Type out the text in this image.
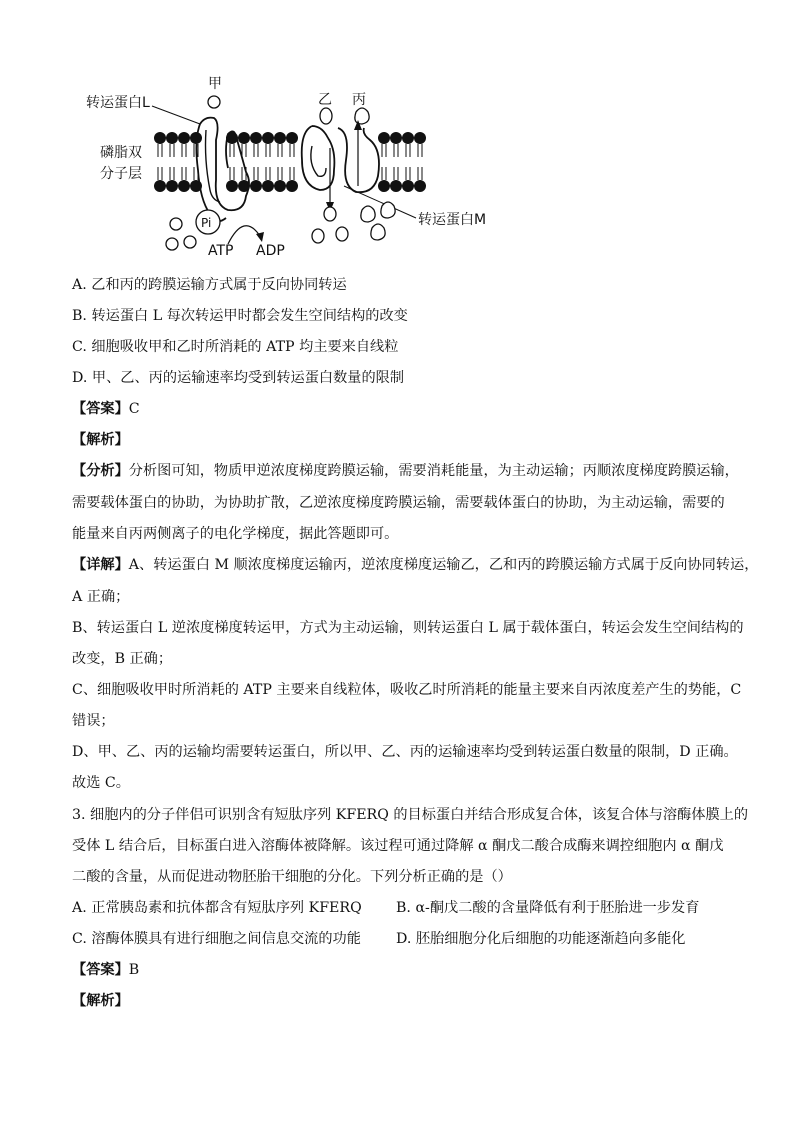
转运蛋白L
甲
乙 丙
磷脂双
分子层
ATP ADP
转运蛋白M
Pi
A. 乙和丙的跨膜运输方式属于反向协同转运
B. 转运蛋白 L 每次转运甲时都会发生空间结构的改变
C. 细胞吸收甲和乙时所消耗的 ATP 均主要来自线粒
D. 甲、乙、丙的运输速率均受到转运蛋白数量的限制
【答案】C
【解析】
【分析】分析图可知，物质甲逆浓度梯度跨膜运输，需要消耗能量，为主动运输；丙顺浓度梯度跨膜运输，
需要载体蛋白的协助，为协助扩散，乙逆浓度梯度跨膜运输，需要载体蛋白的协助，为主动运输，需要的
能量来自丙两侧离子的电化学梯度，据此答题即可。
【详解】A、转运蛋白 M 顺浓度梯度运输丙，逆浓度梯度运输乙，乙和丙的跨膜运输方式属于反向协同转运，
A 正确；
B、转运蛋白 L 逆浓度梯度转运甲，方式为主动运输，则转运蛋白 L 属于载体蛋白，转运会发生空间结构的
改变，B 正确；
C、细胞吸收甲时所消耗的 ATP 主要来自线粒体，吸收乙时所消耗的能量主要来自丙浓度差产生的势能，C
错误；
D、甲、乙、丙的运输均需要转运蛋白，所以甲、乙、丙的运输速率均受到转运蛋白数量的限制，D 正确。
故选 C。
3. 细胞内的分子伴侣可识别含有短肽序列 KFERQ 的目标蛋白并结合形成复合体，该复合体与溶酶体膜上的
受体 L 结合后，目标蛋白进入溶酶体被降解。该过程可通过降解 α 酮戊二酸合成酶来调控细胞内 α 酮戊
二酸的含量，从而促进动物胚胎干细胞的分化。下列分析正确的是（）
A. 正常胰岛素和抗体都含有短肽序列 KFERQ B. α-酮戊二酸的含量降低有利于胚胎进一步发育
C. 溶酶体膜具有进行细胞之间信息交流的功能 D. 胚胎细胞分化后细胞的功能逐渐趋向多能化
【答案】B
【解析】
